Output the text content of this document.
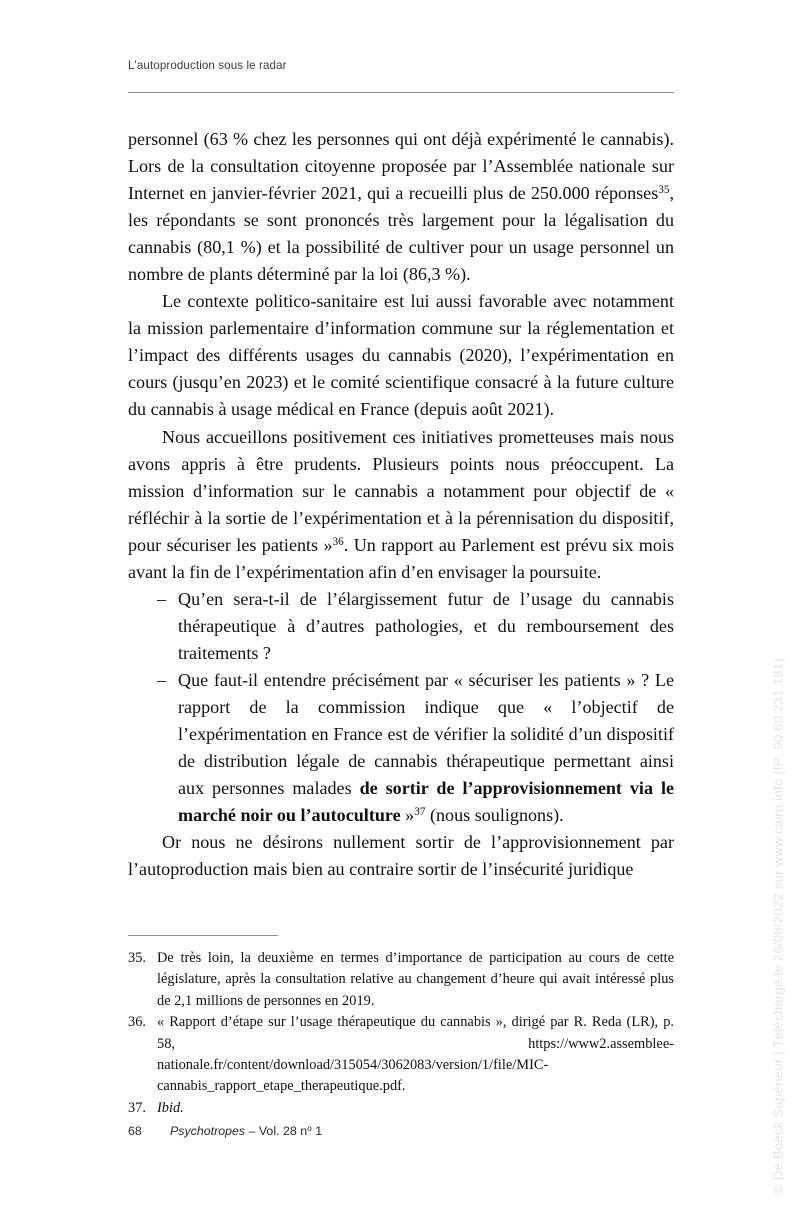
L'autoproduction sous le radar

personnel (63 % chez les personnes qui ont déjà expérimenté le cannabis). Lors de la consultation citoyenne proposée par l’Assemblée nationale sur Internet en janvier-février 2021, qui a recueilli plus de 250.000 réponses$^{35}$, les répondants se sont prononcés très largement pour la légalisation du cannabis (80,1 %) et la possibilité de cultiver pour un usage personnel un nombre de plants déterminé par la loi (86,3 %).

Le contexte politico-sanitaire est lui aussi favorable avec notamment la mission parlementaire d’information commune sur la réglementation et l’impact des différents usages du cannabis (2020), l’expérimentation en cours (jusqu’en 2023) et le comité scientifique consacré à la future culture du cannabis à usage médical en France (depuis août 2021).

Nous accueillons positivement ces initiatives prometteuses mais nous avons appris à être prudents. Plusieurs points nous préoccupent. La mission d’information sur le cannabis a notamment pour objectif de « réfléchir à la sortie de l’expérimentation et à la pérennisation du dispositif, pour sécuriser les patients »$^{36}$. Un rapport au Parlement est prévu six mois avant la fin de l’expérimentation afin d’en envisager la poursuite.

– Qu’en sera-t-il de l’élargissement futur de l’usage du cannabis thérapeutique à d’autres pathologies, et du remboursement des traitements ?
– Que faut-il entendre précisément par « sécuriser les patients » ? Le rapport de la commission indique que « l’objectif de l’expérimentation en France est de vérifier la solidité d’un dispositif de distribution légale de cannabis thérapeutique permettant ainsi aux personnes malades de sortir de l’approvisionnement via le marché noir ou l’autoculture »$^{37}$ (nous soulignons).

Or nous ne désirons nullement sortir de l’approvisionnement par l’autoproduction mais bien au contraire sortir de l’insécurité juridique

35. De très loin, la deuxième en termes d’importance de participation au cours de cette législature, après la consultation relative au changement d’heure qui avait intéressé plus de 2,1 millions de personnes en 2019.
36. « Rapport d’étape sur l’usage thérapeutique du cannabis », dirigé par R. Reda (LR), p. 58, https://www2.assemblee-nationale.fr/content/download/315054/3062083/version/1/file/MIC-cannabis_rapport_etape_therapeutique.pdf.
37. Ibid.
68 Psychotropes – Vol. 28 $n^o$ 1	© De Boeck Supérieur | Téléchargé le 26/08/2022 sur www.cairn.info (IP: 90.60.231.181)
